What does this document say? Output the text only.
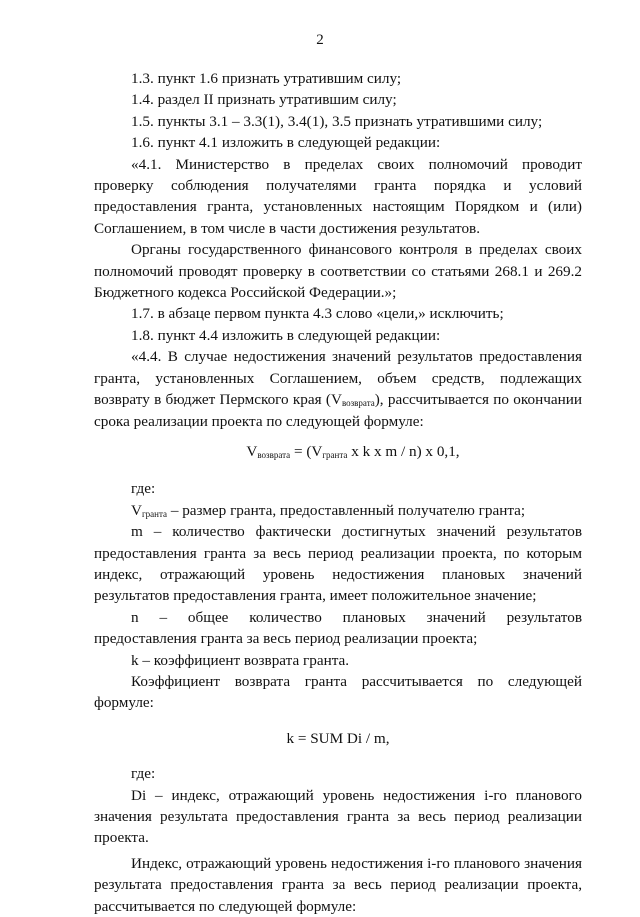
2

1.3. пункт 1.6 признать утратившим силу;

1.4. раздел II признать утратившим силу;

1.5. пункты 3.1 – 3.3(1), 3.4(1), 3.5 признать утратившими силу;

1.6. пункт 4.1 изложить в следующей редакции:

«4.1. Министерство в пределах своих полномочий проводит проверку соблюдения получателями гранта порядка и условий предоставления гранта, установленных настоящим Порядком и (или) Соглашением, в том числе в части достижения результатов.

Органы государственного финансового контроля в пределах своих полномочий проводят проверку в соответствии со статьями 268.1 и 269.2 Бюджетного кодекса Российской Федерации.»;

1.7. в абзаце первом пункта 4.3 слово «цели,» исключить;

1.8. пункт 4.4 изложить в следующей редакции:

«4.4. В случае недостижения значений результатов предоставления гранта, установленных Соглашением, объем средств, подлежащих возврату в бюджет Пермского края $(V_{возврата})$, рассчитывается по окончании срока реализации проекта по следующей формуле:

$V_{возврата} = (V_{гранта}$ x k x m / n) x 0,1,

где:

$V_{гранта}$ – размер гранта, предоставленный получателю гранта;

m – количество фактически достигнутых значений результатов предоставления гранта за весь период реализации проекта, по которым индекс, отражающий уровень недостижения плановых значений результатов предоставления гранта, имеет положительное значение;

n – общее количество плановых значений результатов предоставления гранта за весь период реализации проекта;

k – коэффициент возврата гранта.

Коэффициент возврата гранта рассчитывается по следующей формуле:

k = SUM Di / m,

где:

Di – индекс, отражающий уровень недостижения i-го планового значения результата предоставления гранта за весь период реализации проекта.

Индекс, отражающий уровень недостижения i-го планового значения результата предоставления гранта за весь период реализации проекта, рассчитывается по следующей формуле:
